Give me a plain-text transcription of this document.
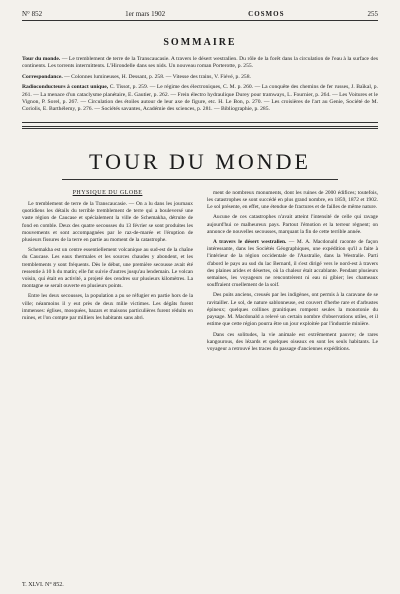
N° 852	1er mars 1902	COSMOS	255
SOMMAIRE

Tour du monde. — Le tremblement de terre de la Transcaucasie. A travers le désert westralien. Du rôle de la forêt dans la circulation de l'eau à la surface des continents. Les torrents intermittents. L'Hirondelle dans ses nids. Un nouveau roman Porterotte, p. 255.

Correspondance. — Colonnes lumineuses, H. Dessant, p. 258. — Vitesse des trains, V. Fiévé, p. 258.

Radioconducteurs à contact unique, C. Tissot, p. 259. — Le régime des électroniques, C. M. p. 260. — La conquête des chemins de fer russes, J. Baïkal, p. 261. — La menace d'un cataclysme planétaire, E. Gautier, p. 262. — Frein électro hydraulique Durey pour tramways, L. Fournier, p. 264. — Les Voitures et le Vignon, P. Sorel, p. 267. — Circulation des étoiles autour de leur axe de figure, etc. H. Le Bon, p. 270. — Les croisières de l'art au Genie, Société de M. Coriolis, E. Barthélemy, p. 276. — Sociétés savantes, Académie des sciences, p. 281. — Bibliographie, p. 285.

TOUR DU MONDE
PHYSIQUE DU GLOBE

Le tremblement de terre de la Transcaucasie. — On a lu dans les journaux quotidiens les détails du terrible tremblement de terre qui a bouleversé une vaste région de Caucase et spécialement la ville de Schemakha, détruite de fond en comble. Deux des quatre secousses du 13 février se sont produites les mouvements et sont accompagnées par le raz-de-marée et l'éruption de plusieurs fissures de la terre en partie au moment de la catastrophe.

Schemakha est un centre essentiellement volcanique au sud-est de la chaîne du Caucase. Les eaux thermales et les sources chaudes y abondent, et les tremblements y sont fréquents. Dès le début, une première secousse avait été ressentie à 10 h du matin; elle fut suivie d'autres jusqu'au lendemain. Le volcan voisin, qui était en activité, a projeté des cendres sur plusieurs kilomètres. La montagne se serait ouverte en plusieurs points.

Entre les deux secousses, la population a pu se réfugier en partie hors de la ville; néanmoins il y eut près de deux mille victimes. Les dégâts furent immenses: églises, mosquées, bazars et maisons particulières furent réduits en ruines, et l'on compte par milliers les habitants sans abri.

ment de nombreux monuments, dont les ruines de 2000 édifices; toutefois, les catastrophes se sont succédé en plus grand nombre, en 1859, 1872 et 1902. Le sol présente, en effet, une étendue de fractures et de failles de même nature.

Aucune de ces catastrophes n'avait atteint l'intensité de celle qui ravage aujourd'hui ce malheureux pays. Partout l'émotion et la terreur règnent; on annonce de nouvelles secousses, marquant la fin de cette terrible année.

A travers le désert westralien. — M. A. Macdonald raconte de façon intéressante, dans les Sociétés Géographiques, une expédition qu'il a faite à l'intérieur de la région occidentale de l'Australie, dans la Westralie. Parti d'abord le pays au sud du lac Bernard, il s'est dirigé vers le nord-est à travers des plaines arides et désertes, où la chaleur était accablante. Pendant plusieurs semaines, les voyageurs ne rencontrèrent ni eau ni gibier; les chameaux souffraient cruellement de la soif.

Des puits anciens, creusés par les indigènes, ont permis à la caravane de se ravitailler. Le sol, de nature sablonneuse, est couvert d'herbe rare et d'arbustes épineux; quelques collines granitiques rompent seules la monotonie du paysage. M. Macdonald a relevé un certain nombre d'observations utiles, et il estime que cette région pourra être un jour exploitée par l'industrie minière.

Dans ces solitudes, la vie animale est extrêmement pauvre; de rares kangourous, des lézards et quelques oiseaux en sont les seuls habitants. Le voyageur a retrouvé les traces du passage d'anciennes expéditions.

T. XLVI. N° 852.
